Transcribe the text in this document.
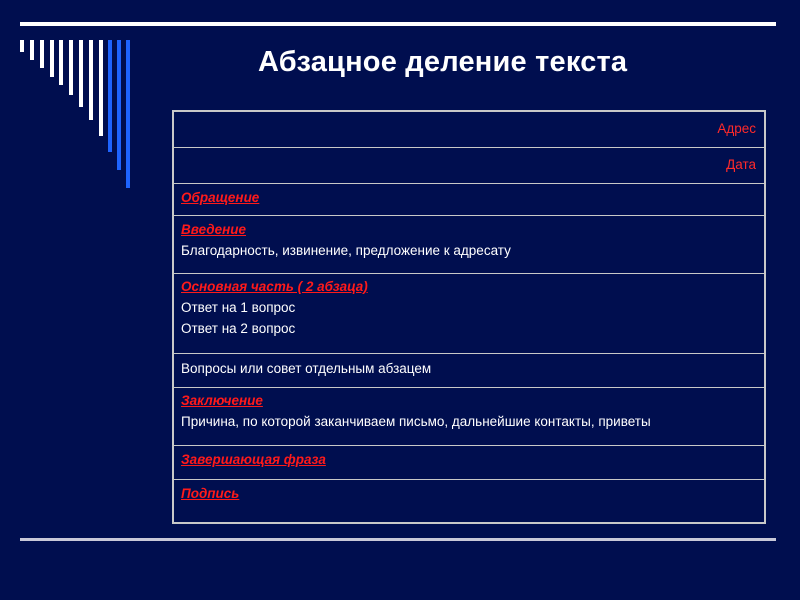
Абзацное деление текста
Адрес
Дата
Обращение
Введение
Благодарность, извинение, предложение к адресату
Основная часть ( 2 абзаца)
Ответ на 1 вопрос
Ответ на 2 вопрос
Вопросы или совет отдельным абзацем
Заключение
Причина, по которой заканчиваем письмо, дальнейшие контакты, приветы
Завершающая фраза
Подпись
